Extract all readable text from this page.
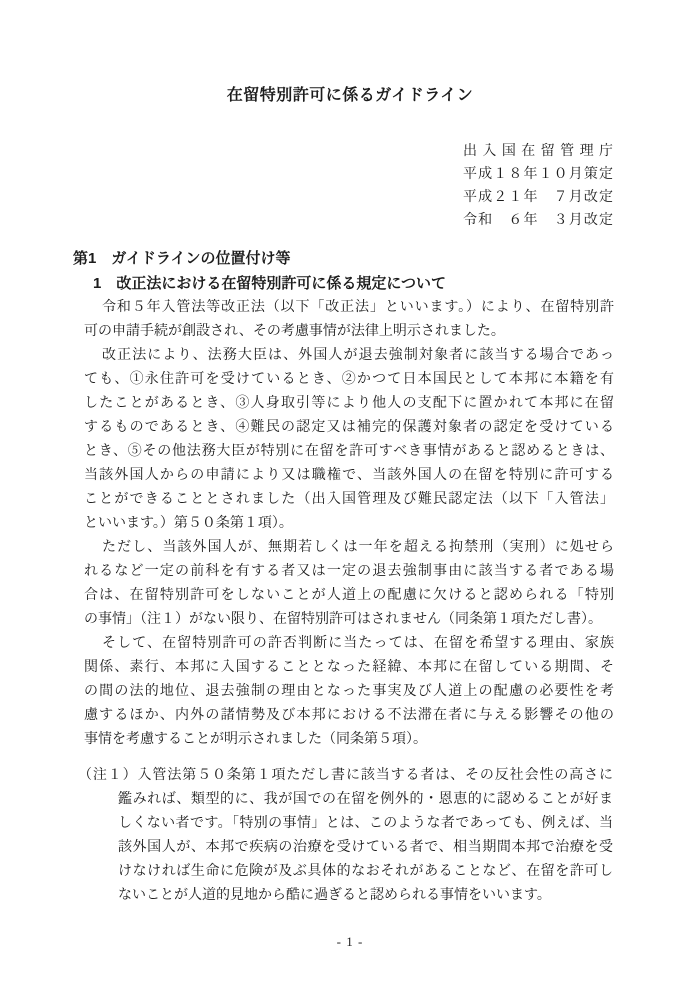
在留特別許可に係るガイドライン
出入国在留管理庁
平成１８年１０月策定
平成２１年　７月改定
令和　６年　３月改定
第1　ガイドラインの位置付け等
1　改正法における在留特別許可に係る規定について
令和５年入管法等改正法（以下「改正法」といいます。）により、在留特別許
可の申請手続が創設され、その考慮事情が法律上明示されました。
改正法により、法務大臣は、外国人が退去強制対象者に該当する場合であっ
ても、①永住許可を受けているとき、②かつて日本国民として本邦に本籍を有
したことがあるとき、③人身取引等により他人の支配下に置かれて本邦に在留
するものであるとき、④難民の認定又は補完的保護対象者の認定を受けている
とき、⑤その他法務大臣が特別に在留を許可すべき事情があると認めるときは、
当該外国人からの申請により又は職権で、当該外国人の在留を特別に許可する
ことができることとされました（出入国管理及び難民認定法（以下「入管法」
といいます。）第５０条第１項）。
ただし、当該外国人が、無期若しくは一年を超える拘禁刑（実刑）に処せら
れるなど一定の前科を有する者又は一定の退去強制事由に該当する者である場
合は、在留特別許可をしないことが人道上の配慮に欠けると認められる「特別
の事情」（注１）がない限り、在留特別許可はされません（同条第１項ただし書）。
そして、在留特別許可の許否判断に当たっては、在留を希望する理由、家族
関係、素行、本邦に入国することとなった経緯、本邦に在留している期間、そ
の間の法的地位、退去強制の理由となった事実及び人道上の配慮の必要性を考
慮するほか、内外の諸情勢及び本邦における不法滞在者に与える影響その他の
事情を考慮することが明示されました（同条第５項）。
（注１）入管法第５０条第１項ただし書に該当する者は、その反社会性の高さに
鑑みれば、類型的に、我が国での在留を例外的・恩恵的に認めることが好ま
しくない者です。「特別の事情」とは、このような者であっても、例えば、当
該外国人が、本邦で疾病の治療を受けている者で、相当期間本邦で治療を受
けなければ生命に危険が及ぶ具体的なおそれがあることなど、在留を許可し
ないことが人道的見地から酷に過ぎると認められる事情をいいます。
- 1 -
